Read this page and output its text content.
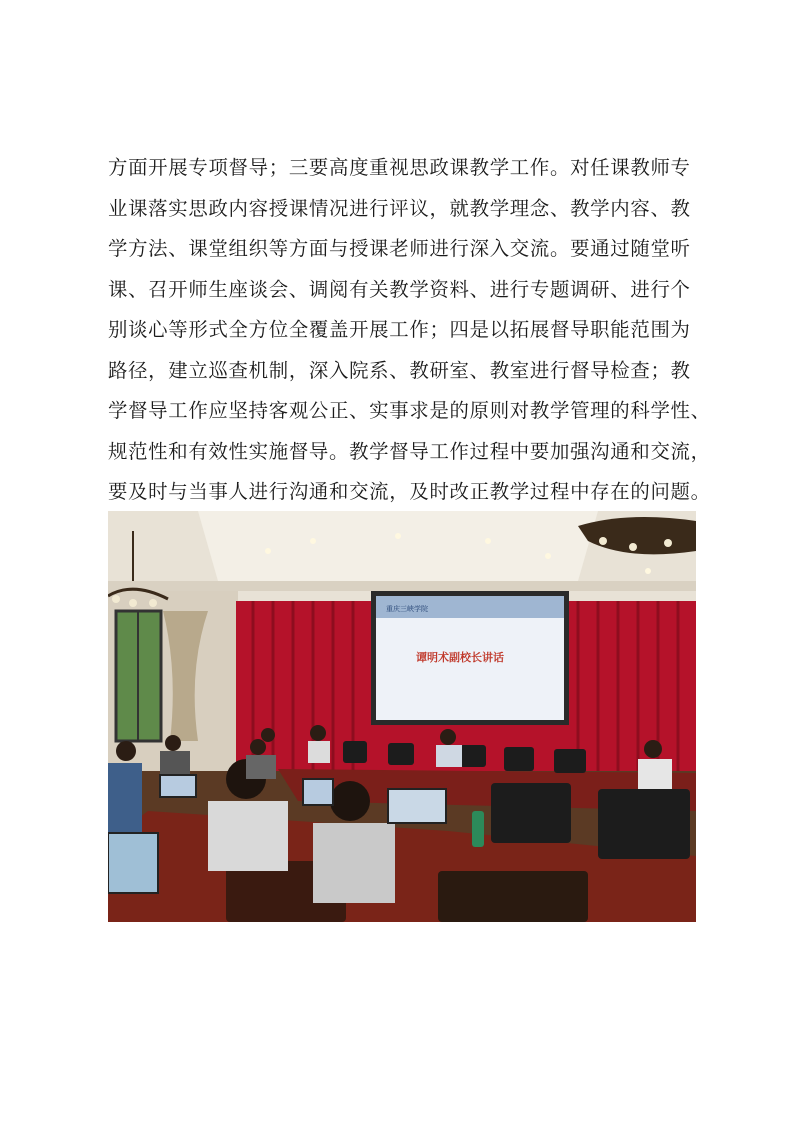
方面开展专项督导；三要高度重视思政课教学工作。对任课教师专
业课落实思政内容授课情况进行评议，就教学理念、教学内容、教
学方法、课堂组织等方面与授课老师进行深入交流。要通过随堂听
课、召开师生座谈会、调阅有关教学资料、进行专题调研、进行个
别谈心等形式全方位全覆盖开展工作；四是以拓展督导职能范围为
路径，建立巡查机制，深入院系、教研室、教室进行督导检查；教
学督导工作应坚持客观公正、实事求是的原则对教学管理的科学性、
规范性和有效性实施督导。教学督导工作过程中要加强沟通和交流，
要及时与当事人进行沟通和交流，及时改正教学过程中存在的问题。
重庆三峡学院
谭明术副校长讲话
